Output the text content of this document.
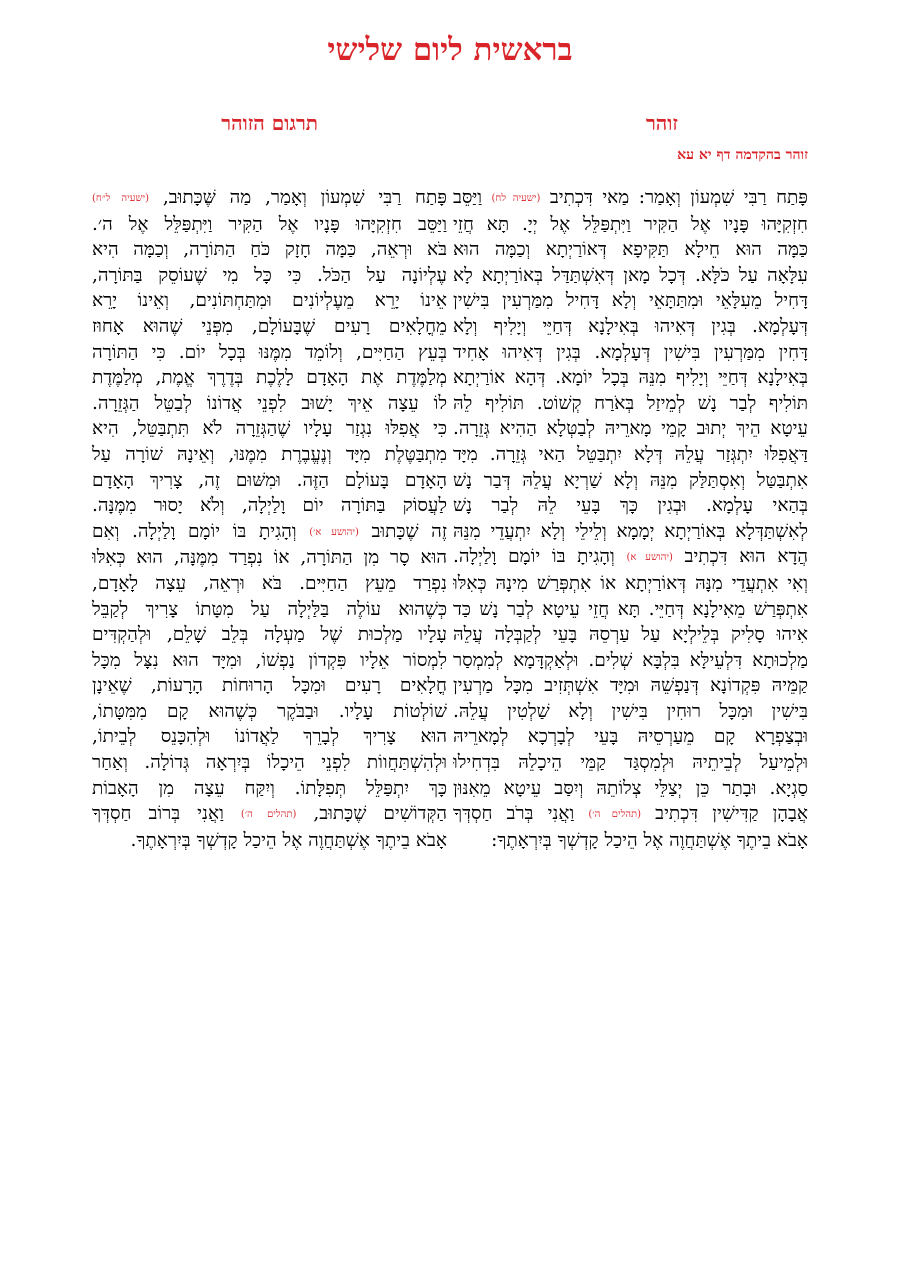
בראשית ליום שלישי
זוהר
תרגום הזוהר
זוהר בהקדמה דף יא עא
פָּתַח רַבִּי שִׁמְעוֹן וְאָמַר: מַאי דִּכְתִיב (ישעיה לח) וַיַּסֵּב
חִזְקִיָּהוּ פָּנָיו אֶל הַקִּיר וַיִּתְפַּלֵּל אֶל יְיָ. תָּא חֲזֵי
כַּמָּה הוּא חֵילָא תַּקִּיפָא דְּאוֹרַיְתָא וְכַמָּה הוּא
עִלָּאָה עַל כֹּלָּא. דְּכָל מָאן דְּאִשְׁתַּדַּל בְּאוֹרַיְתָא לָא
דָּחִיל מֵעִלָּאֵי וּמִתַּתָּאֵי וְלָא דָּחִיל מִמַּרְעִין בִּישִׁין
דְּעָלְמָא. בְּגִין דְּאִיהוּ בְּאִילָנָא דְּחַיֵּי וְיָלִיף וְלָא
דָּחִין מִמַּרְעִין בִּישִׁין דְּעָלְמָא. בְּגִין דְּאִיהוּ אָחִיד
בְּאִילָנָא דְּחַיֵּי וְיָלִיף מִנֵּהּ בְּכָל יוֹמָא. דְּהָא אוֹרַיְתָא
תּוֹלִיף לְבַר נָשׁ לְמֵיזַל בְּאֹרַח קְשׁוֹט. תּוֹלִיף לֵהּ
עֵיטָא הֵיךְ יְתוּב קָמֵי מָארֵיהּ לְבַטְּלָא הַהִיא גְּזֵרָה.
דַּאֲפִלּוּ יִתְגְּזַר עֲלֵהּ דְּלָא יִתְבַּטֵּל הַאי גְּזֵרָה. מִיָּד
אִתְבַּטַּל וְאִסְתַּלַּק מִנֵּהּ וְלָא שַׁרְיָא עֲלֵהּ דְּבַר נָשׁ
בְּהַאי עָלְמָא. וּבְגִין כָּךְ בָּעֵי לֵהּ לְבַר נָשׁ
לְאִשְׁתַּדְּלָא בְּאוֹרַיְתָא יְמָמָא וְלֵילֵי וְלָא יִתְעֲדֵי מִנֵּהּ
הֲדָא הוּא דִּכְתִיב (יהושע א) וְהָגִיתָ בּוֹ יוֹמָם וָלַיְלָה.
וְאִי אִתְעֲדֵי מִנָּהּ דְּאוֹרַיְתָא אוֹ אִתְפְּרַשׁ מִינָהּ כְּאִלּוּ
אִתְפְּרַשׁ מֵאִילָנָא דְּחַיֵּי. תָּא חֲזֵי עֵיטָא לְבַר נָשׁ כַּד
אִיהוּ סָלִיק בְּלֵילְיָא עַל עַרְסֵהּ בָּעֵי לְקַבְּלָה עֲלֵהּ
מַלְכוּתָא דִּלְעֵילָּא בִּלְבָּא שְׁלִים. וּלְאַקְדָּמָא לְמִמְסַר
קַמֵּיהּ פִּקְדוֹנָא דְּנַפְשֵׁהּ וּמִיָּד אִשְׁתְּזִיב מִכָּל מַרְעִין
בִּישִׁין וּמִכָּל רוּחִין בִּישִׁין וְלָא שַׁלְטִין עֲלֵהּ.
וּבְצַפְרָא קָם מֵעַרְסֵיהּ בָּעֵי לְבָרְכָא לְמָארֵיהּ
וּלְמֵיעַל לְבֵיתֵיהּ וּלְמִסְגַּד קַמֵּי הֵיכָלֵהּ בִּדְחִילוּ
סַגְיָא. וּבָתַר כֵּן יְצַלֵּי צְלוֹתֵהּ וְיִסַּב עֵיטָא מֵאִנּוּן
אֲבָהָן קַדִּישִׁין דִּכְתִיב (תהלים ה׳) וַאֲנִי בְּרֹב חַסְדְּךָ
אָבֹא בֵיתֶךָ אֶשְׁתַּחֲוֶה אֶל הֵיכַל קָדְשְׁךָ בְּיִרְאָתֶךָ:
פָּתַח רַבִּי שִׁמְעוֹן וְאָמַר, מַה שֶּׁכָּתוּב, (ישעיה ל״ח)
וַיַּסֵּב חִזְקִיָּהוּ פָּנָיו אֶל הַקִּיר וַיִּתְפַּלֵּל אֶל ה׳.
בֹּא וּרְאֵה, כַּמָּה חָזָק כֹּחַ הַתּוֹרָה, וְכַמָּה הִיא
עֶלְיוֹנָה עַל הַכֹּל. כִּי כָּל מִי שֶׁעוֹסֵק בַּתּוֹרָה,
אֵינוֹ יָרֵא מֵעֶלְיוֹנִים וּמִתַּחְתּוֹנִים, וְאֵינוֹ יָרֵא
מֵחֳלָאִים רָעִים שֶׁבָּעוֹלָם, מִפְּנֵי שֶׁהוּא אָחוּז
בְּעֵץ הַחַיִּים, וְלוֹמֵד מִמֶּנּוּ בְּכָל יוֹם. כִּי הַתּוֹרָה
מְלַמֶּדֶת אֶת הָאָדָם לָלֶכֶת בְּדֶרֶךְ אֱמֶת, מְלַמֶּדֶת
לוֹ עֵצָה אֵיךְ יָשׁוּב לִפְנֵי אֲדוֹנוֹ לְבַטֵּל הַגְּזֵרָה.
כִּי אֲפִלּוּ נִגְזַר עָלָיו שֶׁהַגְּזֵרָה לֹא תִּתְבַּטֵּל, הִיא
מִתְבַּטֶּלֶת מִיָּד וְנֶעֱבֶרֶת מִמֶּנּוּ, וְאֵינָהּ שׁוֹרָה עַל
הָאָדָם בָּעוֹלָם הַזֶּה. וּמִשּׁוּם זֶה, צָרִיךְ הָאָדָם
לַעֲסוֹק בַּתּוֹרָה יוֹם וָלַיְלָה, וְלֹא יָסוּר מִמֶּנָּה.
זֶה שֶׁכָּתוּב (יהושע א׳) וְהָגִיתָ בּוֹ יוֹמָם וָלַיְלָה. וְאִם
הוּא סָר מִן הַתּוֹרָה, אוֹ נִפְרַד מִמֶּנָּה, הוּא כְּאִלּוּ
נִפְרַד מֵעֵץ הַחַיִּים. בֹּא וּרְאֵה, עֵצָה לָאָדָם,
כְּשֶׁהוּא עוֹלֶה בַּלַּיְלָה עַל מִטָּתוֹ צָרִיךְ לְקַבֵּל
עָלָיו מַלְכוּת שֶׁל מַעְלָה בְּלֵב שָׁלֵם, וּלְהַקְדִּים
לִמְסוֹר אֵלָיו פִּקְדוֹן נַפְשׁוֹ, וּמִיָּד הוּא נִצָּל מִכָּל
חֳלָאִים רָעִים וּמִכָּל הָרוּחוֹת הָרָעוֹת, שֶׁאֵינָן
שׁוֹלְטוֹת עָלָיו. וּבַבֹּקֶר כְּשֶׁהוּא קָם מִמִּטָּתוֹ,
הוּא צָרִיךְ לְבָרֵךְ לַאֲדוֹנוֹ וּלְהִכָּנֵס לְבֵיתוֹ,
וּלְהִשְׁתַּחֲווֹת לִפְנֵי הֵיכָלוֹ בְּיִרְאָה גְּדוֹלָה. וְאַחַר
כָּךְ יִתְפַּלֵּל תְּפִלָּתוֹ. וְיִקַּח עֵצָה מִן הָאָבוֹת
הַקְּדוֹשִׁים שֶׁכָּתוּב, (תהלים ה׳) וַאֲנִי בְּרוֹב חַסְדְּךָ
אָבֹא בֵיתֶךָ אֶשְׁתַּחֲוֶה אֶל הֵיכַל קָדְשְׁךָ בְּיִרְאָתֶךָ.
